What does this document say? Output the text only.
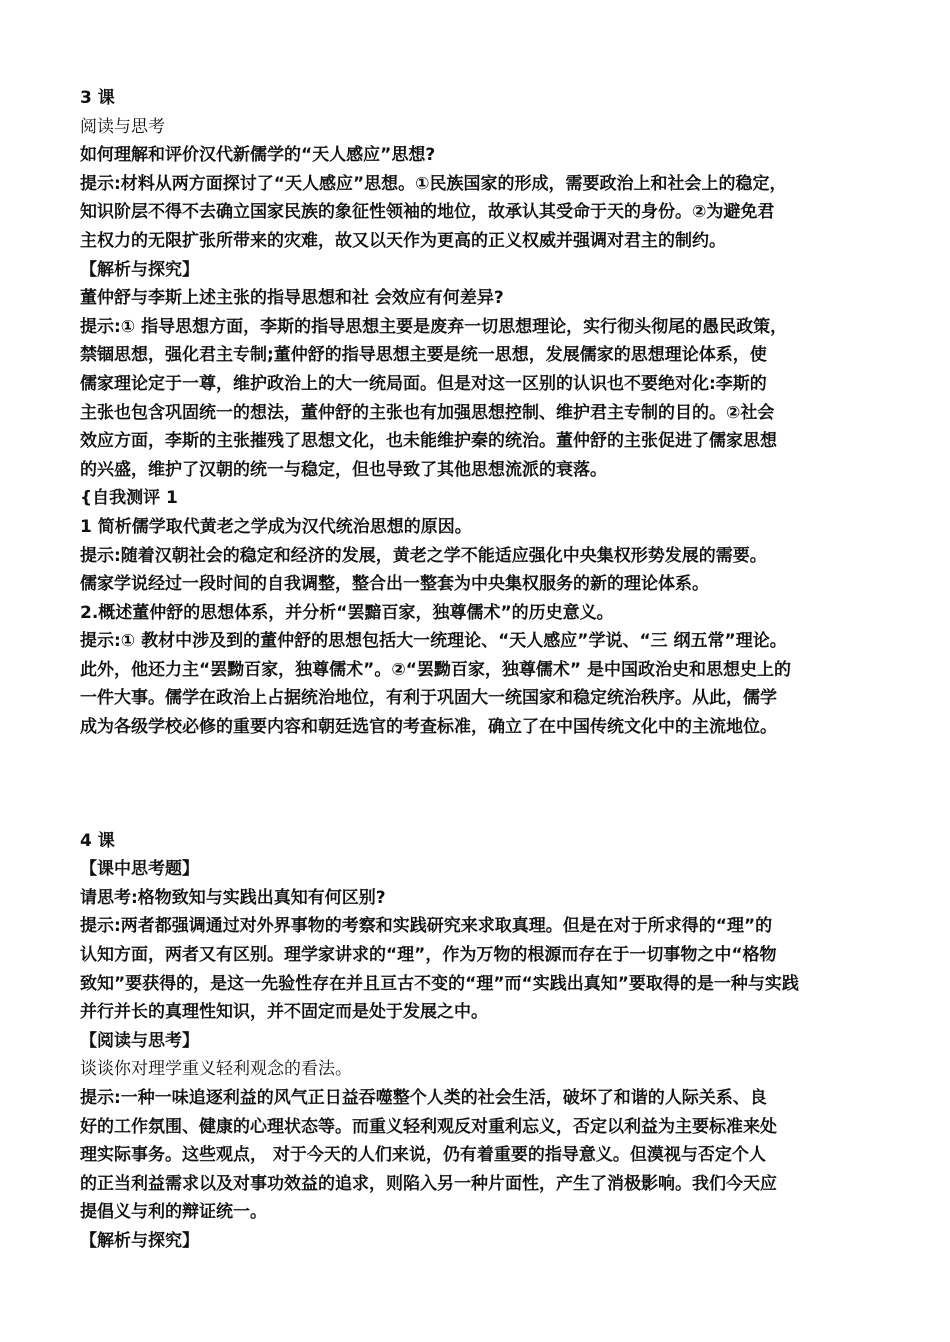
3 课

阅读与思考

如何理解和评价汉代新儒学的“天人感应”思想?

提示:材料从两方面探讨了“天人感应”思想。①民族国家的形成，需要政治上和社会上的稳定，

知识阶层不得不去确立国家民族的象征性领袖的地位，故承认其受命于天的身份。②为避免君

主权力的无限扩张所带来的灾难，故又以天作为更高的正义权威并强调对君主的制约。

【解析与探究】

董仲舒与李斯上述主张的指导思想和社 会效应有何差异?

提示:① 指导思想方面，李斯的指导思想主要是废弃一切思想理论，实行彻头彻尾的愚民政策，

禁锢思想，强化君主专制;董仲舒的指导思想主要是统一思想，发展儒家的思想理论体系，使

儒家理论定于一尊，维护政治上的大一统局面。但是对这一区别的认识也不要绝对化:李斯的

主张也包含巩固统一的想法，董仲舒的主张也有加强思想控制、维护君主专制的目的。②社会

效应方面，李斯的主张摧残了思想文化，也未能维护秦的统治。董仲舒的主张促进了儒家思想

的兴盛，维护了汉朝的统一与稳定，但也导致了其他思想流派的衰落。

{自我测评 1

1 简析儒学取代黄老之学成为汉代统治思想的原因。

提示:随着汉朝社会的稳定和经济的发展，黄老之学不能适应强化中央集权形势发展的需要。

儒家学说经过一段时间的自我调整，整合出一整套为中央集权服务的新的理论体系。

2.概述董仲舒的思想体系，并分析“罢黯百家，独尊儒术”的历史意义。

提示:① 教材中涉及到的董仲舒的思想包括大一统理论、“天人感应”学说、“三 纲五常”理论。

此外，他还力主“罢黝百家，独尊儒术”。②“罢黝百家，独尊儒术” 是中国政治史和思想史上的

一件大事。儒学在政治上占据统治地位，有利于巩固大一统国家和稳定统治秩序。从此，儒学

成为各级学校必修的重要内容和朝廷选官的考查标准，确立了在中国传统文化中的主流地位。

4 课

【课中思考题】

请思考:格物致知与实践出真知有何区别?

提示:两者都强调通过对外界事物的考察和实践研究来求取真理。但是在对于所求得的“理”的

认知方面，两者又有区别。理学家讲求的“理”，作为万物的根源而存在于一切事物之中“格物

致知”要获得的，是这一先验性存在并且亘古不变的“理”而“实践出真知”要取得的是一种与实践

并行并长的真理性知识，并不固定而是处于发展之中。

【阅读与思考】

谈谈你对理学重义轻利观念的看法。

提示:一种一味追逐利益的风气正日益吞噬整个人类的社会生活，破坏了和谐的人际关系、良

好的工作氛围、健康的心理状态等。而重义轻利观反对重利忘义，否定以利益为主要标准来处

理实际事务。这些观点， 对于今天的人们来说，仍有着重要的指导意义。但漠视与否定个人

的正当利益需求以及对事功效益的追求，则陷入另一种片面性，产生了消极影响。我们今天应

提倡义与利的辩证统一。

【解析与探究】
